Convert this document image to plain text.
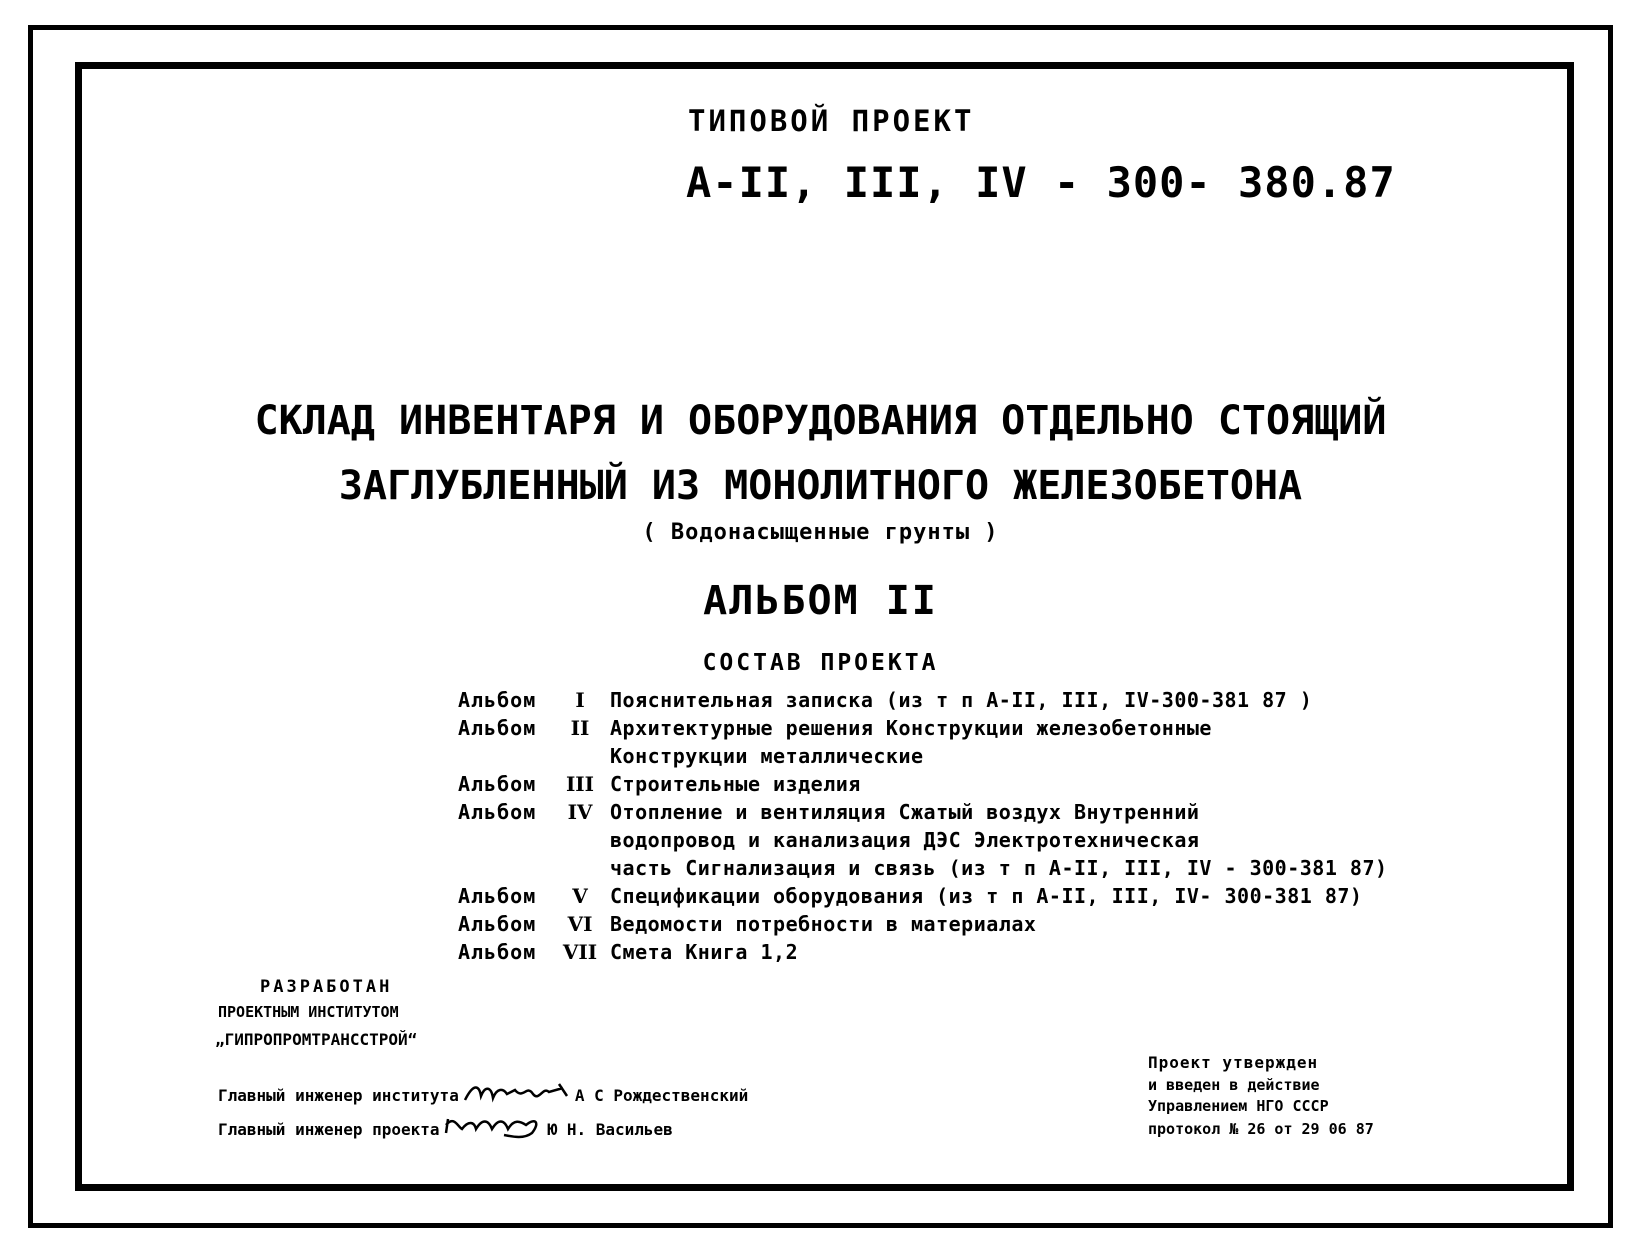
ТИПОВОЙ ПРОЕКТ
А-II, III, IV - 300- 380.87
СКЛАД ИНВЕНТАРЯ И ОБОРУДОВАНИЯ ОТДЕЛЬНО СТОЯЩИЙ
ЗАГЛУБЛЕННЫЙ ИЗ МОНОЛИТНОГО ЖЕЛЕЗОБЕТОНА
( Водонасыщенные грунты )
АЛЬБОМ II
СОСТАВ ПРОЕКТА
Альбом	I	Пояснительная записка (из т п А-II, III, IV-300-381 87 )
Альбом	II	Архитектурные решения Конструкции железобетонные
Конструкции металлические
Альбом	III Строительные изделия
Альбом	IV Отопление и вентиляция Сжатый воздух Внутренний
водопровод и канализация ДЭС Электротехническая
часть Сигнализация и связь (из т п А-II, III, IV - 300-381 87)
Альбом	V	Спецификации оборудования (из т п А-II, III, IV- 300-381 87)
Альбом	VI Ведомости потребности в материалах
Альбом	VII Смета Книга 1,2
РАЗРАБОТАН
ПРОЕКТНЫМ ИНСТИТУТОМ
„ГИПРОПРОМТРАНССТРОЙ“
Главный инженер института	А С Рождественский
Главный инженер проекта	Ю Н. Васильев
Проект утвержден
и введен в действие
Управлением НГО СССР
протокол № 26 от 29 06 87
